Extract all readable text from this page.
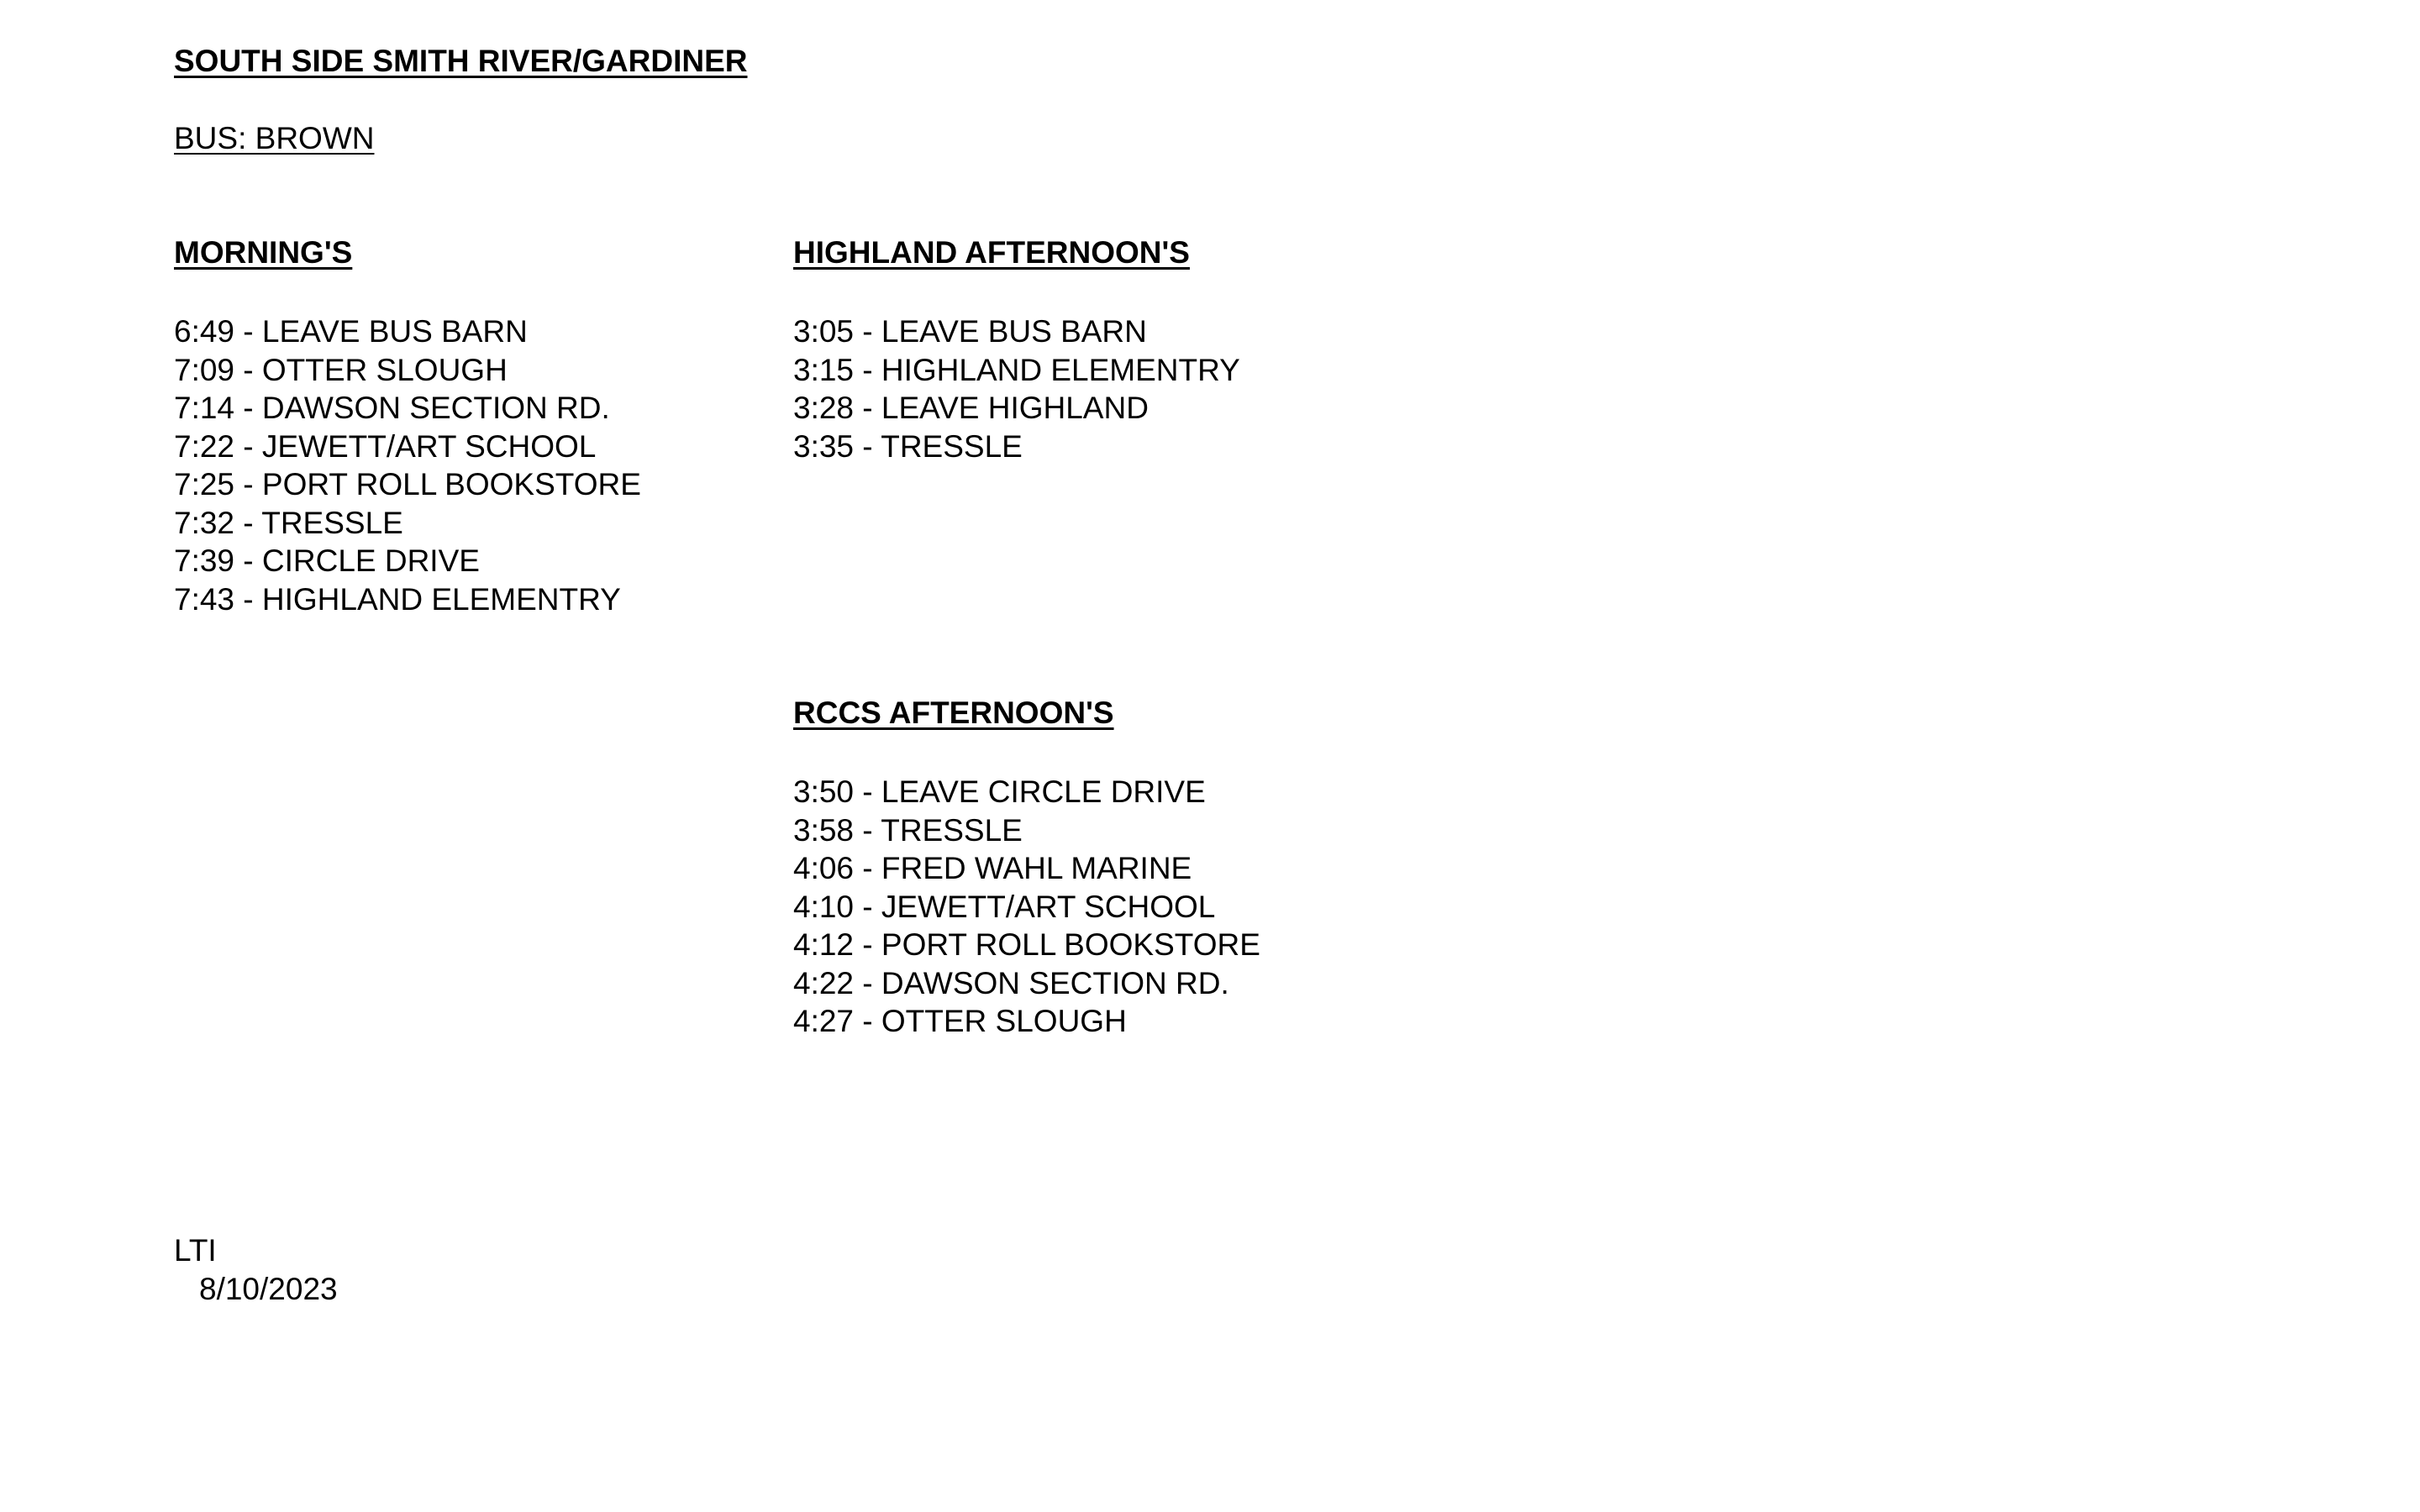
SOUTH SIDE SMITH RIVER/GARDINER
BUS: BROWN
MORNING'S
6:49 - LEAVE BUS BARN
7:09 - OTTER SLOUGH
7:14 - DAWSON SECTION RD.
7:22 - JEWETT/ART SCHOOL
7:25 - PORT ROLL BOOKSTORE
7:32 - TRESSLE
7:39 - CIRCLE DRIVE
7:43 - HIGHLAND ELEMENTRY
HIGHLAND AFTERNOON'S
3:05 - LEAVE BUS BARN
3:15 - HIGHLAND ELEMENTRY
3:28 - LEAVE HIGHLAND
3:35 - TRESSLE
RCCS AFTERNOON'S
3:50 - LEAVE CIRCLE DRIVE
3:58 - TRESSLE
4:06 - FRED WAHL MARINE
4:10 - JEWETT/ART SCHOOL
4:12 - PORT ROLL BOOKSTORE
4:22 - DAWSON SECTION RD.
4:27 - OTTER SLOUGH
LTI
8/10/2023
